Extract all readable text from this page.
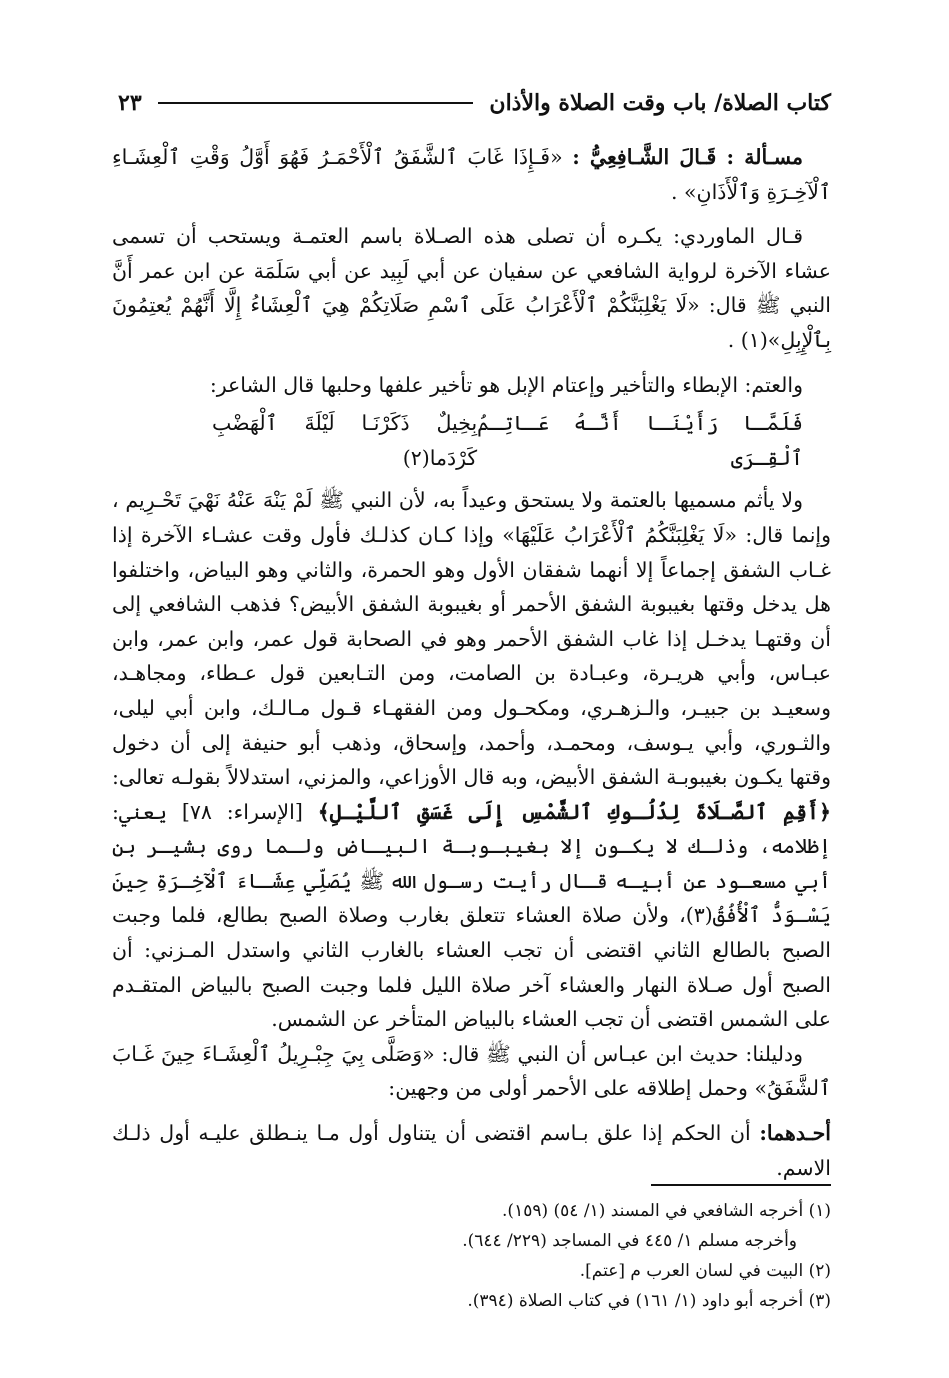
كتاب الصلاة/ باب وقت الصلاة والأذان
٢٣

مسـألة : قَـالَ الشَّـافِعِيُّ : «فَـإِذَا غَابَ ٱلشَّفَقُ ٱلْأَحْمَـرُ فَهُوَ أَوَّلُ وَقْتِ ٱلْعِشَـاءِ ٱلْآخِـرَةِ وَٱلْأَذَانِ» .

قـال الماوردي: يكـره أن تصلى هذه الصـلاة باسم العتمـة ويستحب أن تسمى عشاء الآخرة لرواية الشافعي عن سفيان عن أبي لَبِيد عن أبي سَلَمَة عن ابن عمر أَنَّ النبي ﷺ قال: «لَا يَغْلِبَنَّكُمْ ٱلْأَعْرَابُ عَلَى ٱسْمِ صَلَاتِكُمْ هِيَ ٱلْعِشَاءُ إِلَّا أَنَّهُمْ يُعتِمُونَ بِٱلْإِبِلِ»(١) .

والعتم: الإبطاء والتأخير وإعتام الإبل هو تأخير علفها وحلبها قال الشاعر:

فَلَمَّـا رَأَيْنَـا أَنَّـهُ عَـاتِـمُ ٱلْقِـرَى
بِخِيلٌ ذَكَرْنَـا لَيْلَةَ ٱلْهَضْبِ كَرْدَما(٢)

ولا يأثم مسميها بالعتمة ولا يستحق وعيداً به، لأن النبي ﷺ لَمْ يَنْهَ عَنْهُ نَهْيَ تَحْـرِيم ، وإنما قال: «لَا يَغْلِبَنَّكُمُ ٱلْأَعْرَابُ عَلَيْهَا» وإذا كـان كذلـك فأول وقت عشـاء الآخرة إذا غـاب الشفق إجماعاً إلا أنهما شفقان الأول وهو الحمرة، والثاني وهو البياض، واختلفوا هل يدخل وقتها بغيبوبة الشفق الأحمر أو بغيبوبة الشفق الأبيض؟ فذهب الشافعي إلى أن وقتهـا يدخـل إذا غاب الشفق الأحمر وهو في الصحابة قول عمر، وابن عمر، وابن عبـاس، وأبي هريـرة، وعبـادة بن الصامت، ومن التـابعين قول عـطاء، ومجاهـد، وسعيـد بن جبيـر، والـزهـري، ومكحـول ومن الفقهـاء قـول مـالـك، وابن أبي ليلى، والثـوري، وأبي يـوسف، ومحمـد، وأحمد، وإسحاق، وذهب أبو حنيفة إلى أن دخول وقتها يكـون بغيبوبـة الشفق الأبيض، وبه قال الأوزاعي، والمزني، استدلالاً بقولـه تعالى: ﴿أَقِمِ ٱلصَّـلَاةَ لِدُلُـوكِ ٱلشَّمْسِ إِلَى غَسَقِ ٱللَّيْـلِ﴾ [الإسراء: ٧٨] يعني: إظلامه، وذلـك لا يكـون إلا بغيبـوبـة البيـاض ولـما روى بشيـر بن أبي مسعـود عن أبيـه قـال رأيت رسـول الله ﷺ يُصَلِّي عِشَـاءَ ٱلْآخِـرَةِ حِينَ يَسْـوَدُّ ٱلْأُفُقُ(٣)، ولأن صلاة العشاء تتعلق بغارب وصلاة الصبح بطالع، فلما وجبت الصبح بالطالع الثاني اقتضى أن تجب العشاء بالغارب الثاني واستدل المـزني: أن الصبح أول صـلاة النهار والعشاء آخر صلاة الليل فلما وجبت الصبح بالبياض المتقـدم على الشمس اقتضى أن تجب العشاء بالبياض المتأخر عن الشمس.

ودليلنا: حديث ابن عبـاس أن النبي ﷺ قال: «وَصَلَّى بِيَ جِبْـرِيلُ ٱلْعِشَـاءَ حِينَ غَـابَ ٱلشَّفَقُ» وحمل إطلاقه على الأحمر أولى من وجهين:

أحـدهما: أن الحكم إذا علق بـاسم اقتضى أن يتناول أول مـا ينـطلق عليـه أول ذلـك الاسم.

(١) أخرجه الشافعي في المسند (١/ ٥٤) (١٥٩).

وأخرجه مسلم ١/ ٤٤٥ في المساجد (٢٢٩/ ٦٤٤).

(٢) البيت في لسان العرب م [عتم].

(٣) أخرجه أبو داود (١/ ١٦١) في كتاب الصلاة (٣٩٤).
